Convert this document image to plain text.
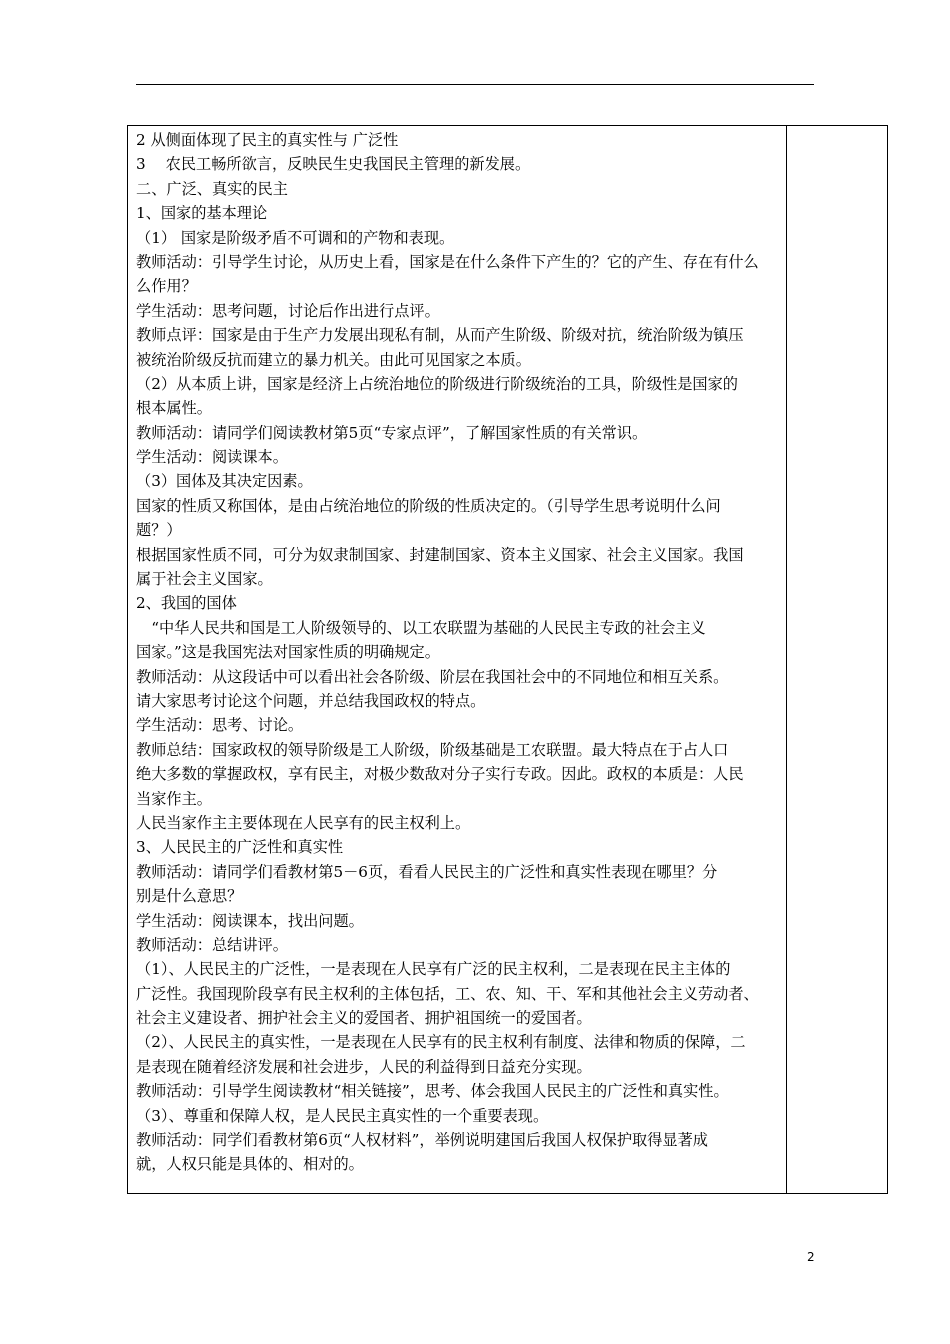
2 从侧面体现了民主的真实性与 广泛性
3　 农民工畅所欲言，反映民生史我国民主管理的新发展。
二、广泛、真实的民主
1、国家的基本理论
（1） 国家是阶级矛盾不可调和的产物和表现。
教师活动：引导学生讨论，从历史上看，国家是在什么条件下产生的？它的产生、存在有什么
么作用？
学生活动：思考问题，讨论后作出进行点评。
教师点评：国家是由于生产力发展出现私有制，从而产生阶级、阶级对抗，统治阶级为镇压
被统治阶级反抗而建立的暴力机关。由此可见国家之本质。
（2）从本质上讲，国家是经济上占统治地位的阶级进行阶级统治的工具，阶级性是国家的
根本属性。
教师活动：请同学们阅读教材第5页“专家点评”，了解国家性质的有关常识。
学生活动：阅读课本。
（3）国体及其决定因素。
国家的性质又称国体，是由占统治地位的阶级的性质决定的。（引导学生思考说明什么问
题？）
根据国家性质不同，可分为奴隶制国家、封建制国家、资本主义国家、社会主义国家。我国
属于社会主义国家。
2、我国的国体
　“中华人民共和国是工人阶级领导的、以工农联盟为基础的人民民主专政的社会主义
国家。”这是我国宪法对国家性质的明确规定。
教师活动：从这段话中可以看出社会各阶级、阶层在我国社会中的不同地位和相互关系。
请大家思考讨论这个问题，并总结我国政权的特点。
学生活动：思考、讨论。
教师总结：国家政权的领导阶级是工人阶级，阶级基础是工农联盟。最大特点在于占人口
绝大多数的掌握政权，享有民主，对极少数敌对分子实行专政。因此。政权的本质是：人民
当家作主。
人民当家作主主要体现在人民享有的民主权利上。
3、人民民主的广泛性和真实性
教师活动：请同学们看教材第5－6页，看看人民民主的广泛性和真实性表现在哪里？分
别是什么意思？
学生活动：阅读课本，找出问题。
教师活动：总结讲评。
（1）、人民民主的广泛性，一是表现在人民享有广泛的民主权利，二是表现在民主主体的
广泛性。我国现阶段享有民主权利的主体包括，工、农、知、干、军和其他社会主义劳动者、
社会主义建设者、拥护社会主义的爱国者、拥护祖国统一的爱国者。
（2）、人民民主的真实性，一是表现在人民享有的民主权利有制度、法律和物质的保障，二
是表现在随着经济发展和社会进步，人民的利益得到日益充分实现。
教师活动：引导学生阅读教材“相关链接”，思考、体会我国人民民主的广泛性和真实性。
（3）、尊重和保障人权，是人民民主真实性的一个重要表现。
教师活动：同学们看教材第6页“人权材料”，举例说明建国后我国人权保护取得显著成
就，人权只能是具体的、相对的。
2
